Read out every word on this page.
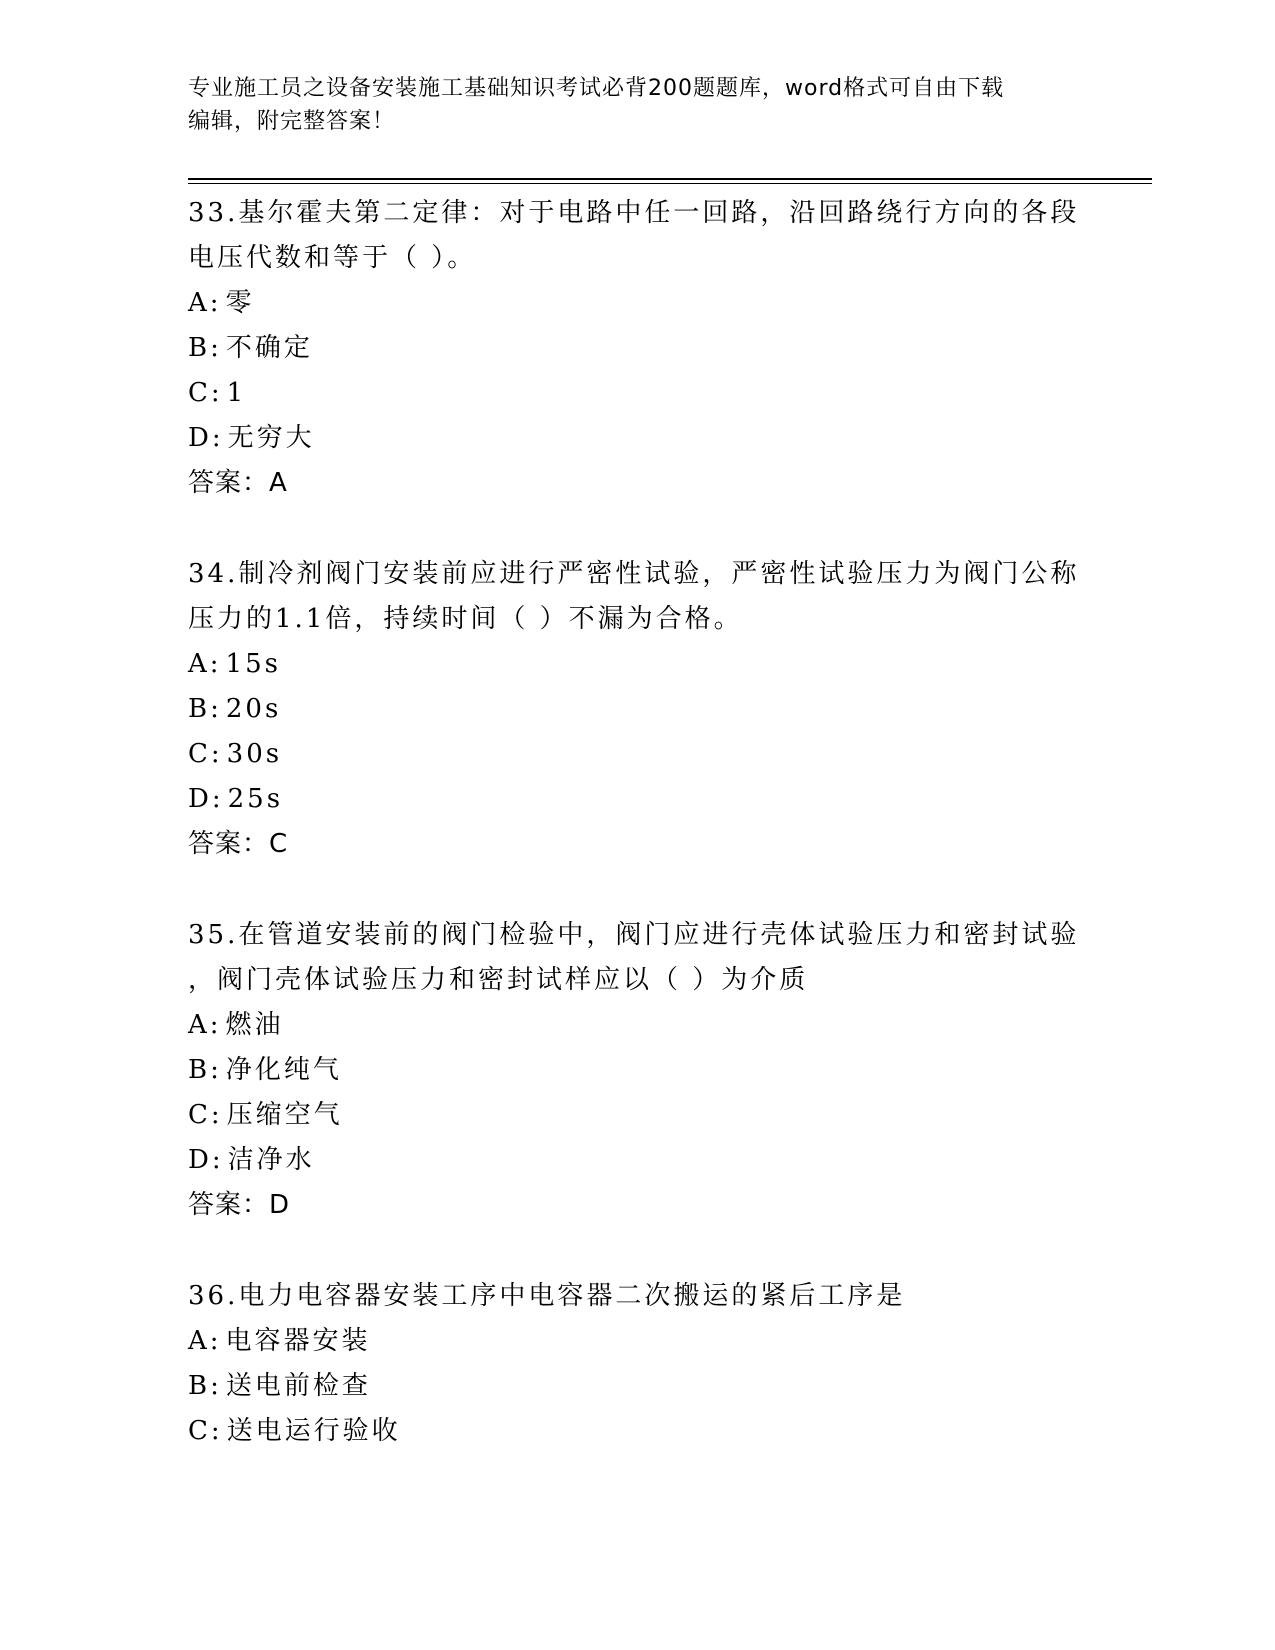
专业施工员之设备安装施工基础知识考试必背200题题库，word格式可自由下载
编辑，附完整答案！
33.基尔霍夫第二定律：对于电路中任一回路，沿回路绕行方向的各段
电压代数和等于（ ）。
A: 零
B: 不确定
C: 1
D: 无穷大
答案：A
34.制冷剂阀门安装前应进行严密性试验，严密性试验压力为阀门公称
压力的1.1倍，持续时间（ ）不漏为合格。
A: 15s
B: 20s
C: 30s
D: 25s
答案：C
35.在管道安装前的阀门检验中，阀门应进行壳体试验压力和密封试验
，阀门壳体试验压力和密封试样应以（ ）为介质
A: 燃油
B: 净化纯气
C: 压缩空气
D: 洁净水
答案：D
36.电力电容器安装工序中电容器二次搬运的紧后工序是
A: 电容器安装
B: 送电前检查
C: 送电运行验收
